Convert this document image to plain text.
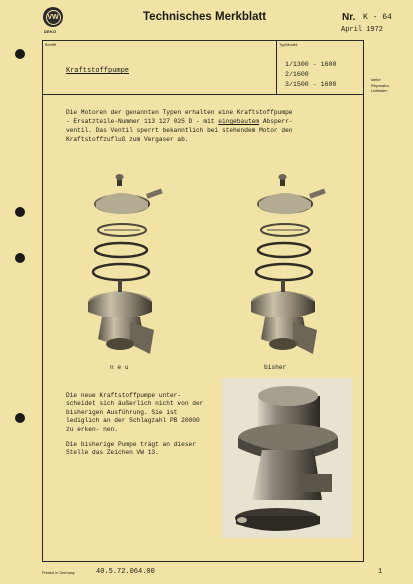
VW
DEKO
Technisches Merkblatt	Nr. K - 64
April 1972
Betrifft
Kraftstoffpumpe
Typ/Modell
1/1300 - 1600
2/1600
3/1500 - 1600
siehe
Reparatur-
Leitfaden
Die Motoren der genannten Typen erhalten eine Kraftstoffpumpe
- Ersatzteile-Nummer 113 127 025 D - mit eingebautem Absperr-
ventil. Das Ventil sperrt bekanntlich bei stehendem Motor den
Kraftstoffzufluß zum Vergaser ab.
n e u	bisher

Die neue Kraftstoffpumpe unter- scheidet sich äußerlich nicht von der bisherigen Ausführung. Sie ist lediglich an der Schlagzahl PB 20000 zu erken- nen.

Die bisherige Pumpe trägt an dieser Stelle das Zeichen VW 13.

Printed in Germany	40.5.72.064.00	1
